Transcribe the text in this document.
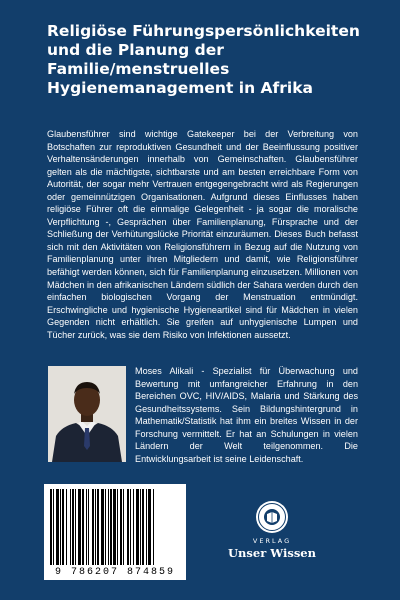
Religiöse Führungspersönlichkeiten und die Planung der Familie/menstruelles Hygienemanagement in Afrika

Glaubensführer sind wichtige Gatekeeper bei der Verbreitung von Botschaften zur reproduktiven Gesundheit und der Beeinflussung positiver Verhaltensänderungen innerhalb von Gemeinschaften. Glaubensführer gelten als die mächtigste, sichtbarste und am besten erreichbare Form von Autorität, der sogar mehr Vertrauen entgegengebracht wird als Regierungen oder gemeinnützigen Organisationen. Aufgrund dieses Einflusses haben religiöse Führer oft die einmalige Gelegenheit - ja sogar die moralische Verpflichtung -, Gesprächen über Familienplanung, Fürsprache und der Schließung der Verhütungslücke Priorität einzuräumen. Dieses Buch befasst sich mit den Aktivitäten von Religionsführern in Bezug auf die Nutzung von Familienplanung unter ihren Mitgliedern und damit, wie Religionsführer befähigt werden können, sich für Familienplanung einzusetzen. Millionen von Mädchen in den afrikanischen Ländern südlich der Sahara werden durch den einfachen biologischen Vorgang der Menstruation entmündigt. Erschwingliche und hygienische Hygieneartikel sind für Mädchen in vielen Gegenden nicht erhältlich. Sie greifen auf unhygienische Lumpen und Tücher zurück, was sie dem Risiko von Infektionen aussetzt.

Moses Alikali - Spezialist für Überwachung und Bewertung mit umfangreicher Erfahrung in den Bereichen OVC, HIV/AIDS, Malaria und Stärkung des Gesundheitssystems. Sein Bildungshintergrund in Mathematik/Statistik hat ihm ein breites Wissen in der Forschung vermittelt. Er hat an Schulungen in vielen Ländern der Welt teilgenommen. Die Entwicklungsarbeit ist seine Leidenschaft.

9 786207 874859
VERLAG
Unser Wissen
